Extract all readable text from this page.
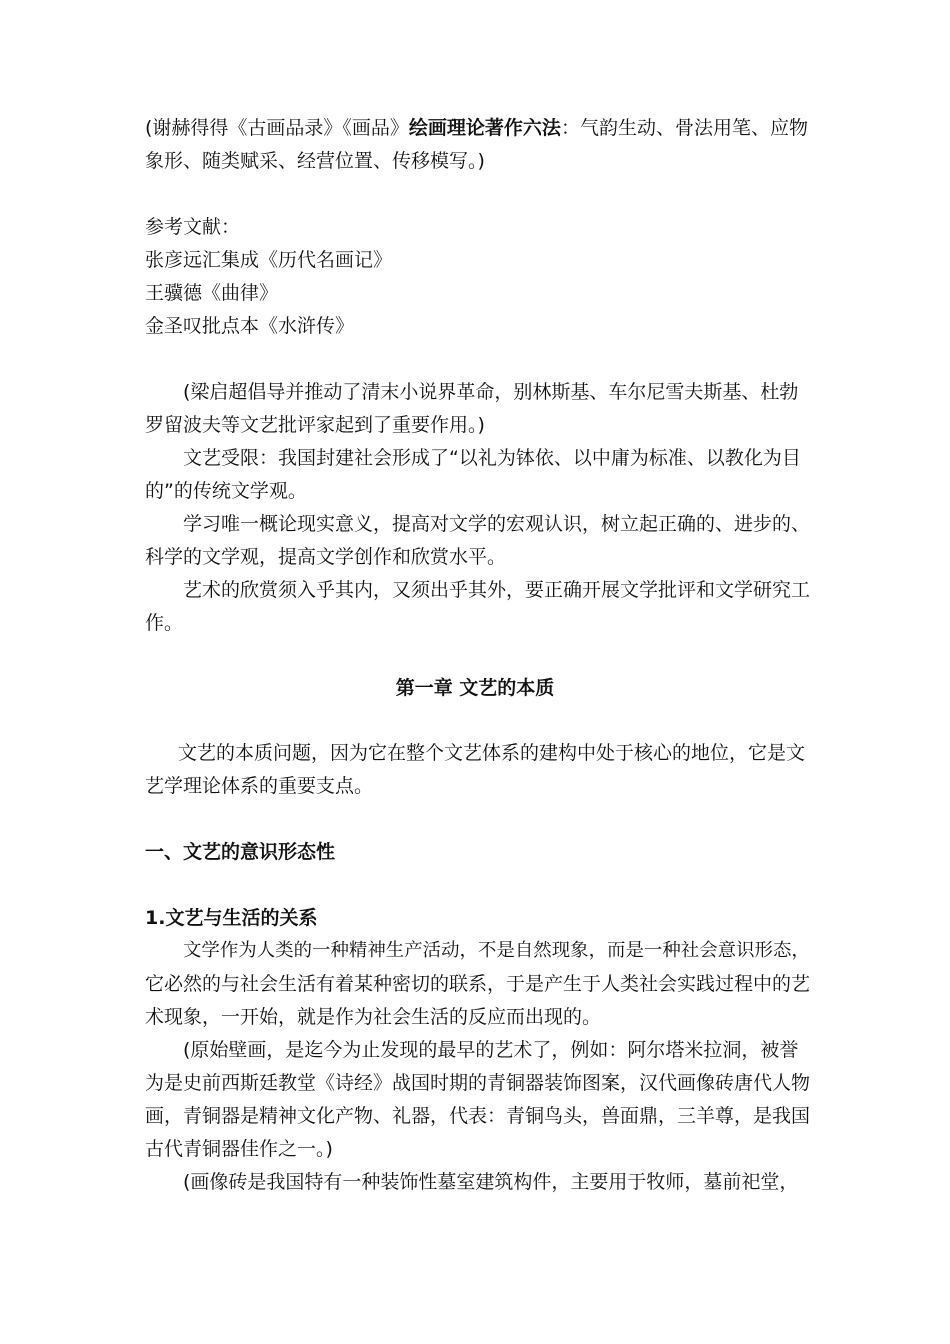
(谢赫得得《古画品录》《画品》绘画理论著作六法：气韵生动、骨法用笔、应物
象形、随类赋采、经营位置、传移模写。)
参考文献：
张彦远汇集成《历代名画记》
王骥德《曲律》
金圣叹批点本《水浒传》
(梁启超倡导并推动了清末小说界革命，别林斯基、车尔尼雪夫斯基、杜勃
罗留波夫等文艺批评家起到了重要作用。)
文艺受限：我国封建社会形成了“以礼为钵依、以中庸为标准、以教化为目
的”的传统文学观。
学习唯一概论现实意义，提高对文学的宏观认识，树立起正确的、进步的、
科学的文学观，提高文学创作和欣赏水平。
艺术的欣赏须入乎其内，又须出乎其外，要正确开展文学批评和文学研究工
作。
第一章 文艺的本质
文艺的本质问题，因为它在整个文艺体系的建构中处于核心的地位，它是文
艺学理论体系的重要支点。
一、文艺的意识形态性
1.文艺与生活的关系
文学作为人类的一种精神生产活动，不是自然现象，而是一种社会意识形态，
它必然的与社会生活有着某种密切的联系，于是产生于人类社会实践过程中的艺
术现象，一开始，就是作为社会生活的反应而出现的。
(原始壁画，是迄今为止发现的最早的艺术了，例如：阿尔塔米拉洞，被誉
为是史前西斯廷教堂《诗经》战国时期的青铜器装饰图案，汉代画像砖唐代人物
画，青铜器是精神文化产物、礼器，代表：青铜鸟头，兽面鼎，三羊尊，是我国
古代青铜器佳作之一。)
(画像砖是我国特有一种装饰性墓室建筑构件，主要用于牧师，墓前祀堂，
